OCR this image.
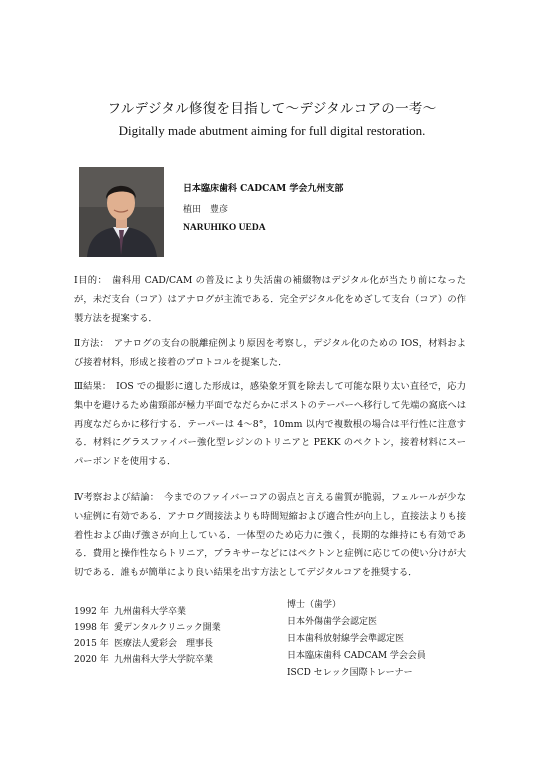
フルデジタル修復を目指して〜デジタルコアの一考〜
Digitally made abutment aiming for full digital restoration.
日本臨床歯科 CADCAM 学会九州支部
植田　豊彦
NARUHIKO UEDA
Ⅰ目的：　歯科用 CAD/CAM の普及により失活歯の補綴物はデジタル化が当たり前になったが，未だ支台（コア）はアナログが主流である．完全デジタル化をめざして支台（コア）の作製方法を提案する．
Ⅱ方法：　アナログの支台の脱離症例より原因を考察し，デジタル化のための IOS，材料および接着材料，形成と接着のプロトコルを提案した．
Ⅲ結果：　IOS での撮影に適した形成は，感染象牙質を除去して可能な限り太い直径で，応力集中を避けるため歯頸部が極力平面でなだらかにポストのテーパーへ移行して先端の窩底へは再度なだらかに移行する．テーパーは 4〜8°，10mm 以内で複数根の場合は平行性に注意する．材料にグラスファイバー強化型レジンのトリニアと PEKK のペクトン，接着材料にスーパーボンドを使用する．
Ⅳ考察および結論：　今までのファイバーコアの弱点と言える歯質が脆弱，フェルールが少ない症例に有効である．アナログ間接法よりも時間短縮および適合性が向上し，直接法よりも接着性および曲げ強さが向上している．一体型のため応力に強く，長期的な維持にも有効である．費用と操作性ならトリニア，ブラキサーなどにはペクトンと症例に応じての使い分けが大切である．誰もが簡単により良い結果を出す方法としてデジタルコアを推奨する．
1992 年 九州歯科大学卒業
1998 年 愛デンタルクリニック開業
2015 年 医療法人愛彩会　理事長
2020 年 九州歯科大学大学院卒業
博士（歯学）
日本外傷歯学会認定医
日本歯科放射線学会準認定医
日本臨床歯科 CADCAM 学会会員
ISCD セレック国際トレーナー
